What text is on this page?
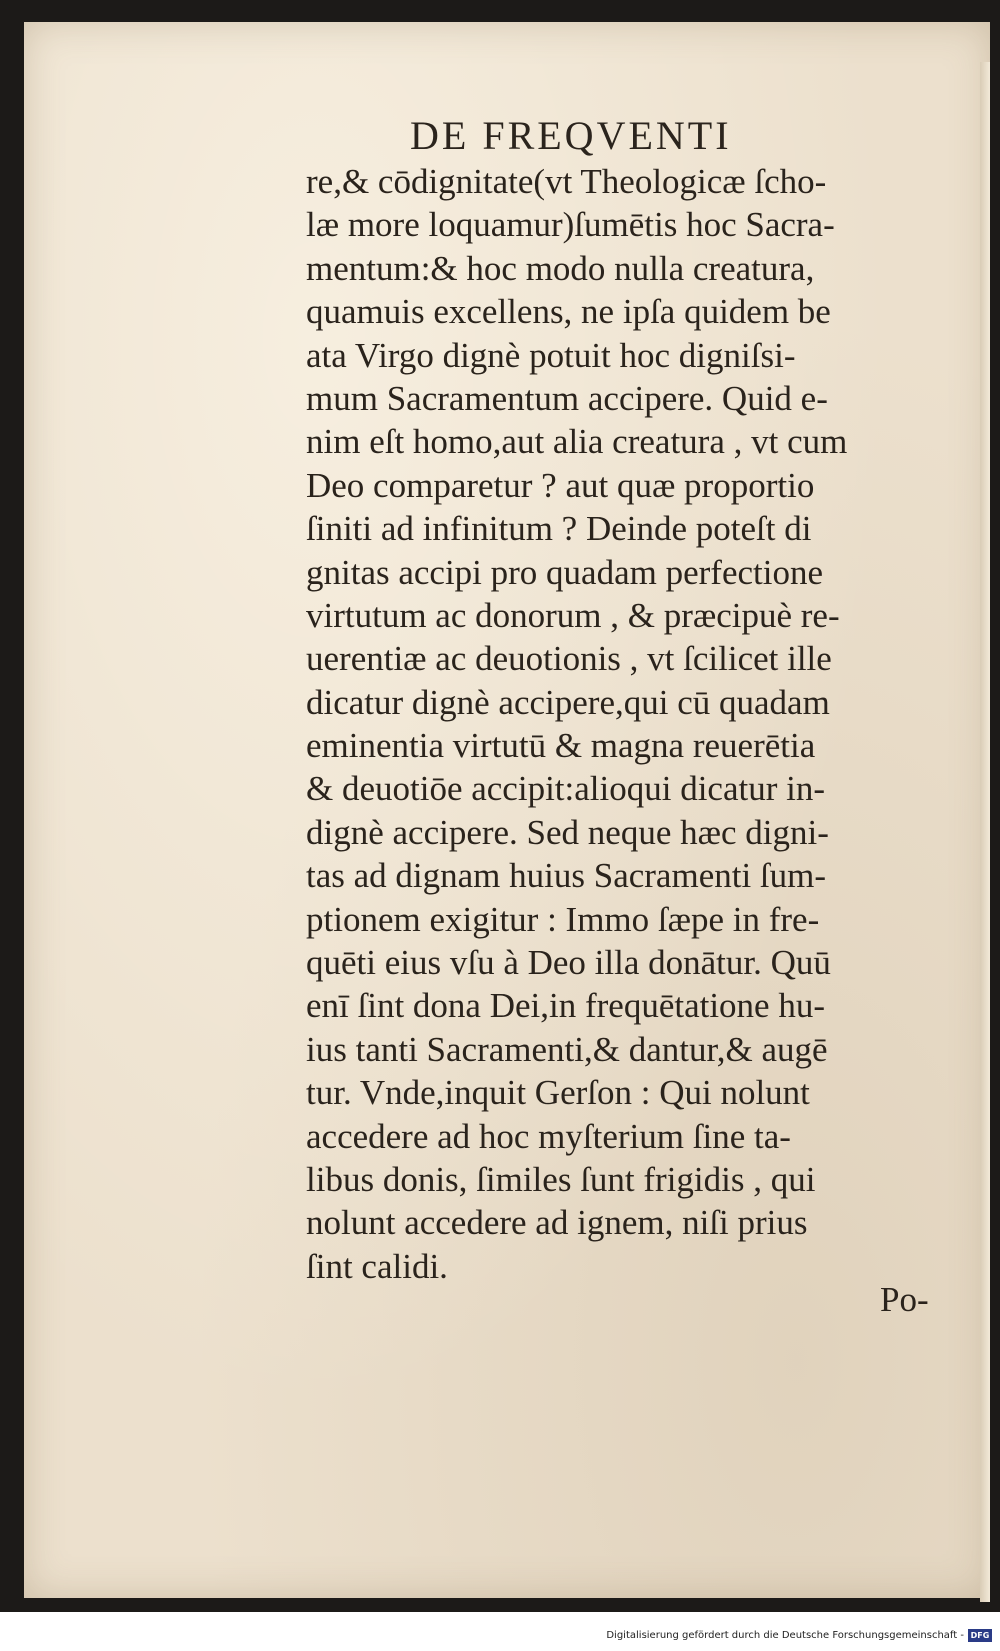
DE FREQVENTI
re,& cōdignitate(vt Theologicæ ſcho-
læ more loquamur)ſumētis hoc Sacra-
mentum:& hoc modo nulla creatura,
quamuis excellens, ne ipſa quidem be
ata Virgo dignè potuit hoc digniſsi-
mum Sacramentum accipere. Quid e-
nim eſt homo,aut alia creatura , vt cum
Deo comparetur ? aut quæ proportio
ſiniti ad infinitum ? Deinde poteſt di
gnitas accipi pro quadam perfectione
virtutum ac donorum , & præcipuè re-
uerentiæ ac deuotionis , vt ſcilicet ille
dicatur dignè accipere,qui cū quadam
eminentia virtutū & magna reuerētia
& deuotiōe accipit:alioqui dicatur in-
dignè accipere. Sed neque hæc digni-
tas ad dignam huius Sacramenti ſum-
ptionem exigitur : Immo ſæpe in fre-
quēti eius vſu à Deo illa donātur. Quū
enī ſint dona Dei,in frequētatione hu-
ius tanti Sacramenti,& dantur,& augē
tur. Vnde,inquit Gerſon : Qui nolunt
accedere ad hoc myſterium ſine ta-
libus donis, ſimiles ſunt frigidis , qui
nolunt accedere ad ignem, niſi prius
ſint calidi.
Po-
Digitalisierung gefördert durch die Deutsche Forschungsgemeinschaft - DFG
